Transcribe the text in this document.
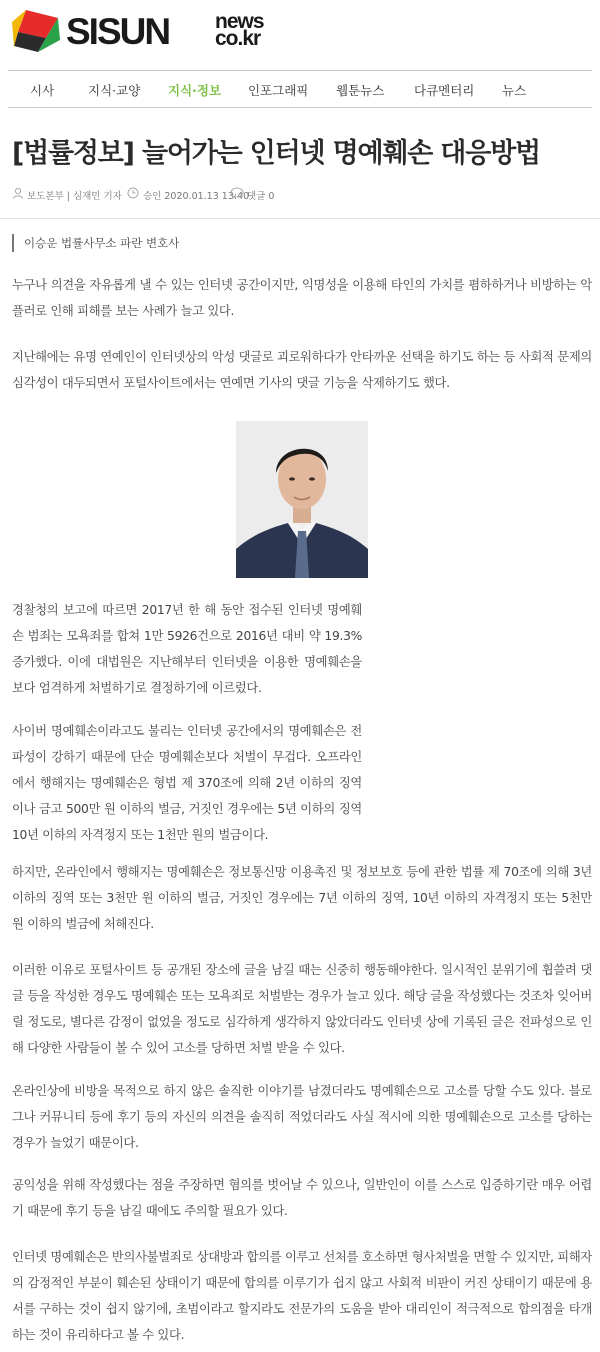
SISUN news
co.kr
시사	지식·교양 지식·정보 인포그래픽 웹툰뉴스 다큐멘터리 뉴스
[법률정보] 늘어가는 인터넷 명예훼손 대응방법
보도본부 | 심재민 기자 승인 2020.01.13 13:40
댓글 0
이승운 법률사무소 파란 변호사

누구나 의견을 자유롭게 낼 수 있는 인터넷 공간이지만, 익명성을 이용해 타인의 가치를 폄하하거나 비방하는 악플러로 인해 피해를 보는 사례가 늘고 있다.

지난해에는 유명 연예인이 인터넷상의 악성 댓글로 괴로워하다가 안타까운 선택을 하기도 하는 등 사회적 문제의 심각성이 대두되면서 포털사이트에서는 연예면 기사의 댓글 기능을 삭제하기도 했다.

경찰청의 보고에 따르면 2017년 한 해 동안 접수된 인터넷 명예훼손 범죄는 모욕죄를 합쳐 1만 5926건으로 2016년 대비 약 19.3% 증가했다. 이에 대법원은 지난해부터 인터넷을 이용한 명예훼손을 보다 엄격하게 처벌하기로 결정하기에 이르렀다.

사이버 명예훼손이라고도 불리는 인터넷 공간에서의 명예훼손은 전파성이 강하기 때문에 단순 명예훼손보다 처벌이 무겁다. 오프라인에서 행해지는 명예훼손은 형법 제 370조에 의해 2년 이하의 징역이나 금고 500만 원 이하의 벌금, 거짓인 경우에는 5년 이하의 징역 10년 이하의 자격정지 또는 1천만 원의 벌금이다.

하지만, 온라인에서 행해지는 명예훼손은 정보통신망 이용촉진 및 정보보호 등에 관한 법률 제 70조에 의해 3년 이하의 징역 또는 3천만 원 이하의 벌금, 거짓인 경우에는 7년 이하의 징역, 10년 이하의 자격정지 또는 5천만 원 이하의 벌금에 처해진다.

이러한 이유로 포털사이트 등 공개된 장소에 글을 남길 때는 신중히 행동해야한다. 일시적인 분위기에 휩쓸려 댓글 등을 작성한 경우도 명예훼손 또는 모욕죄로 처벌받는 경우가 늘고 있다. 해당 글을 작성했다는 것조차 잊어버릴 정도로, 별다른 감정이 없었을 정도로 심각하게 생각하지 않았더라도 인터넷 상에 기록된 글은 전파성으로 인해 다양한 사람들이 볼 수 있어 고소를 당하면 처벌 받을 수 있다.

온라인상에 비방을 목적으로 하지 않은 솔직한 이야기를 남겼더라도 명예훼손으로 고소를 당할 수도 있다. 블로그나 커뮤니티 등에 후기 등의 자신의 의견을 솔직히 적었더라도 사실 적시에 의한 명예훼손으로 고소를 당하는 경우가 늘었기 때문이다.

공익성을 위해 작성했다는 점을 주장하면 혐의를 벗어날 수 있으나, 일반인이 이를 스스로 입증하기란 매우 어렵기 때문에 후기 등을 남길 때에도 주의할 필요가 있다.

인터넷 명예훼손은 반의사불벌죄로 상대방과 합의를 이루고 선처를 호소하면 형사처벌을 면할 수 있지만, 피해자의 감정적인 부분이 훼손된 상태이기 때문에 합의를 이루기가 쉽지 않고 사회적 비판이 커진 상태이기 때문에 용서를 구하는 것이 쉽지 않기에, 초범이라고 할지라도 전문가의 도움을 받아 대리인이 적극적으로 합의점을 타개하는 것이 유리하다고 볼 수 있다.
